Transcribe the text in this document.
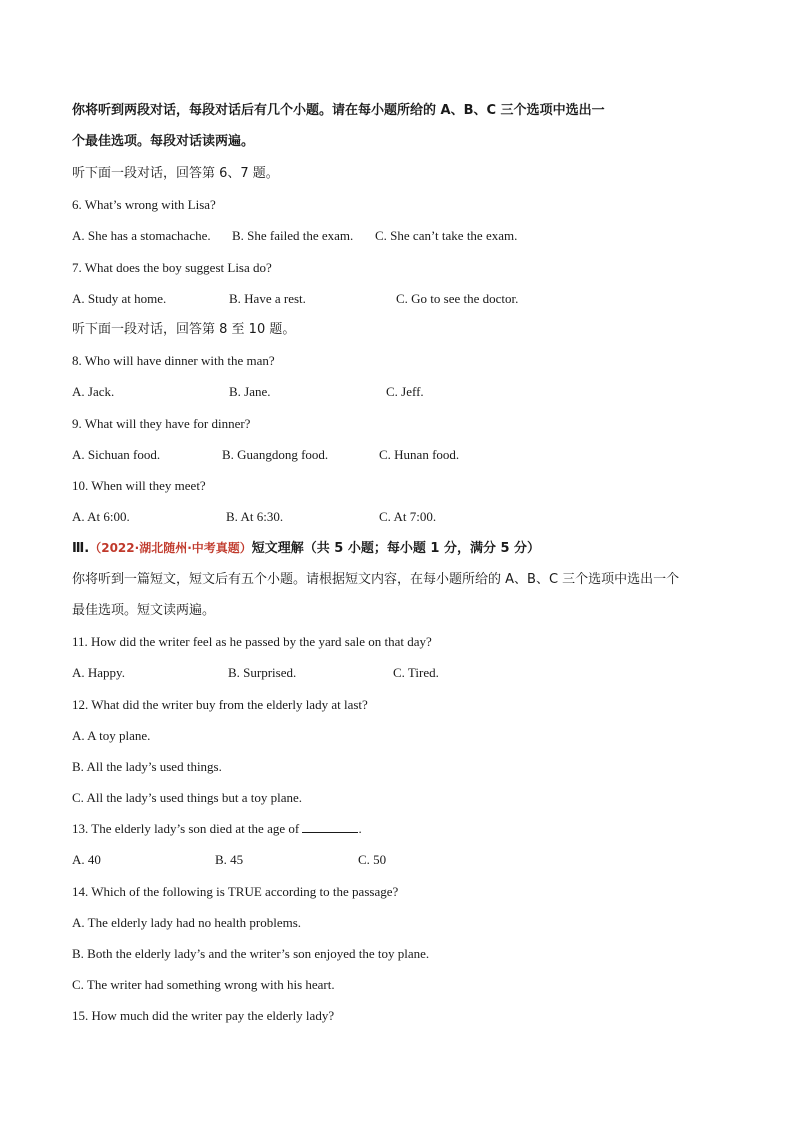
你将听到两段对话，每段对话后有几个小题。请在每小题所给的 A、B、C 三个选项中选出一
个最佳选项。每段对话读两遍。
听下面一段对话，回答第 6、7 题。
6. What’s wrong with Lisa?
A. She has a stomachache. B. She failed the exam. C. She can’t take the exam.
7. What does the boy suggest Lisa do?
A. Study at home.	B. Have a rest.	C. Go to see the doctor.
听下面一段对话，回答第 8 至 10 题。
8. Who will have dinner with the man?
A. Jack.	B. Jane.	C. Jeff.
9. What will they have for dinner?
A. Sichuan food.	B. Guangdong food.	C. Hunan food.
10. When will they meet?
A. At 6:00.	B. At 6:30.	C. At 7:00.
Ⅲ.（2022·湖北随州·中考真题）短文理解（共 5 小题；每小题 1 分，满分 5 分）
你将听到一篇短文，短文后有五个小题。请根据短文内容，在每小题所给的 A、B、C 三个选项中选出一个
最佳选项。短文读两遍。
11. How did the writer feel as he passed by the yard sale on that day?
A. Happy.	B. Surprised.	C. Tired.
12. What did the writer buy from the elderly lady at last?
A. A toy plane.
B. All the lady’s used things.
C. All the lady’s used things but a toy plane.
13. The elderly lady’s son died at the age of	.
A. 40	B. 45	C. 50
14. Which of the following is TRUE according to the passage?
A. The elderly lady had no health problems.
B. Both the elderly lady’s and the writer’s son enjoyed the toy plane.
C. The writer had something wrong with his heart.
15. How much did the writer pay the elderly lady?
